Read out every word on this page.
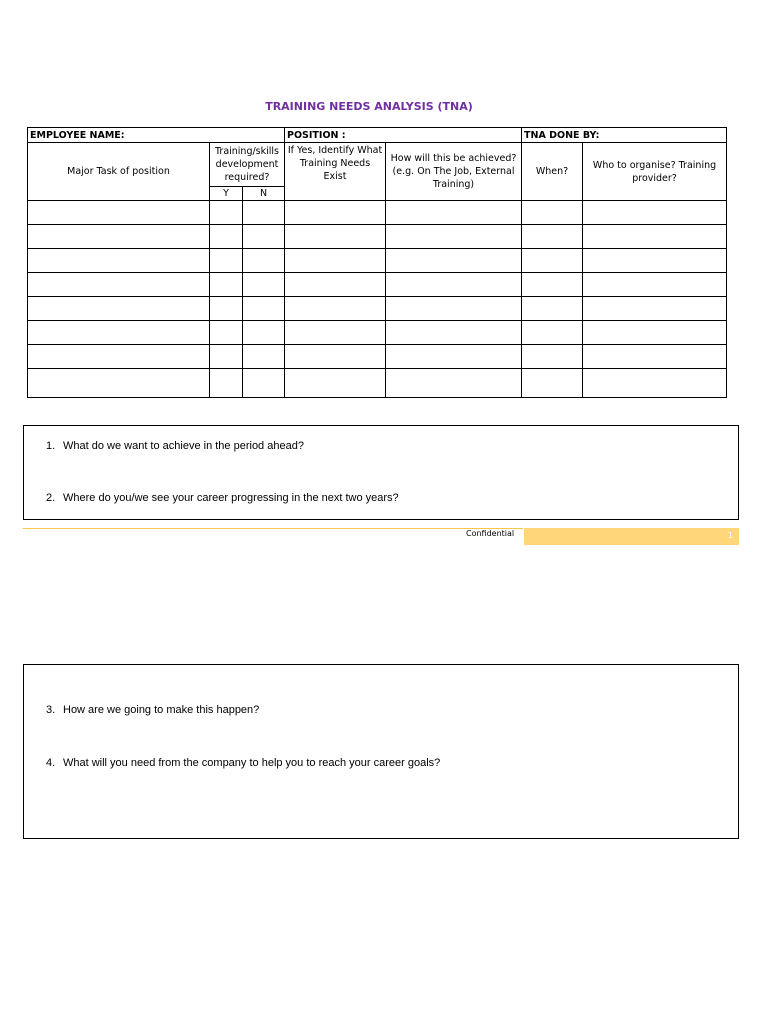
TRAINING NEEDS ANALYSIS (TNA)
EMPLOYEE NAME:			POSITION :		TNA DONE BY:	
Major Task of position	Training/skills development required?		If Yes, Identify What Training Needs Exist	How will this be achieved? (e.g. On The Job, External Training)	When?	Who to organise? Training provider?
	Y	N				

1. What do we want to achieve in the period ahead?
2. Where do you/we see your career progressing in the next two years?
Confidential	1
3. How are we going to make this happen?
4. What will you need from the company to help you to reach your career goals?
